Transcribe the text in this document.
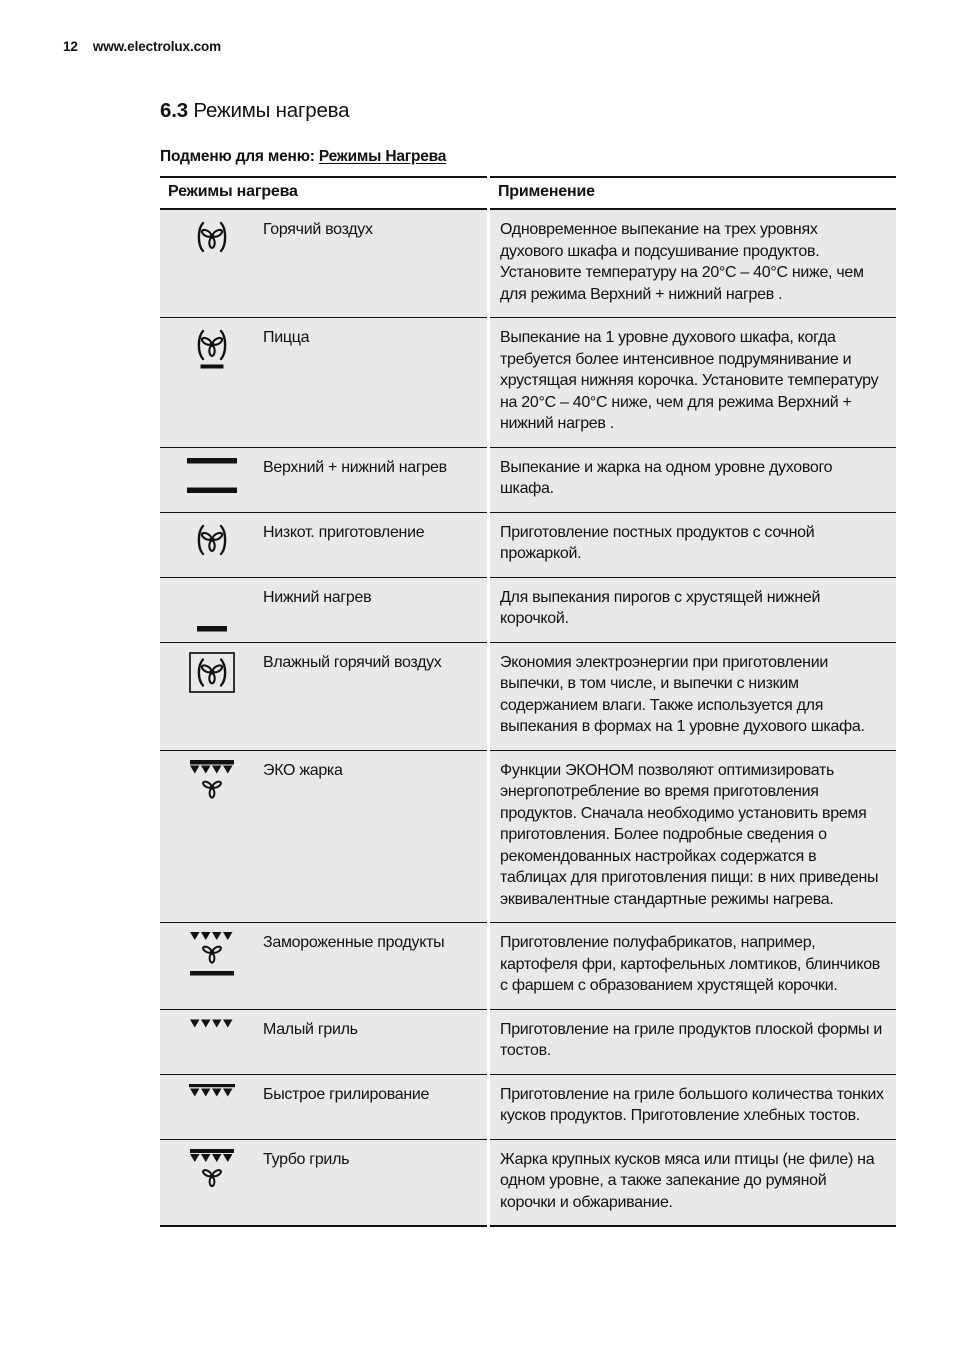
12 www.electrolux.com
6.3 Режимы нагрева

Подменю для меню: Режимы Нагрева

Режимы нагрева	Применение
Горячий воздух	Одновременное выпекание на трех уровнях духового шкафа и подсушивание продуктов. Установите температуру на 20°C – 40°C ниже, чем для режима Верхний + нижний нагрев .
Пицца	Выпекание на 1 уровне духового шкафа, когда требуется более интенсивное подрумянивание и хрустящая нижняя корочка. Установите температуру на 20°C – 40°C ниже, чем для режима Верхний + нижний нагрев .
Верхний + нижний нагрев	Выпекание и жарка на одном уровне духового шкафа.
Низкот. приготовление	Приготовление постных продуктов с сочной прожаркой.
Нижний нагрев	Для выпекания пирогов с хрустящей нижней корочкой.
Влажный горячий воздух	Экономия электроэнергии при приготовлении выпечки, в том числе, и выпечки с низким содержанием влаги. Также используется для выпекания в формах на 1 уровне духового шкафа.
ЭКО жарка	Функции ЭКОНОМ позволяют оптимизировать энергопотребление во время приготовления продуктов. Сначала необходимо установить время приготовления. Более подробные сведения о рекомендованных настройках содержатся в таблицах для приготовления пищи: в них приведены эквивалентные стандартные режимы нагрева.
Замороженные продукты	Приготовление полуфабрикатов, например, картофеля фри, картофельных ломтиков, блинчиков с фаршем с образованием хрустящей корочки.
Малый гриль	Приготовление на гриле продуктов плоской формы и тостов.
Быстрое грилирование	Приготовление на гриле большого количества тонких кусков продуктов. Приготовление хлебных тостов.
Турбо гриль	Жарка крупных кусков мяса или птицы (не филе) на одном уровне, а также запекание до румяной корочки и обжаривание.
